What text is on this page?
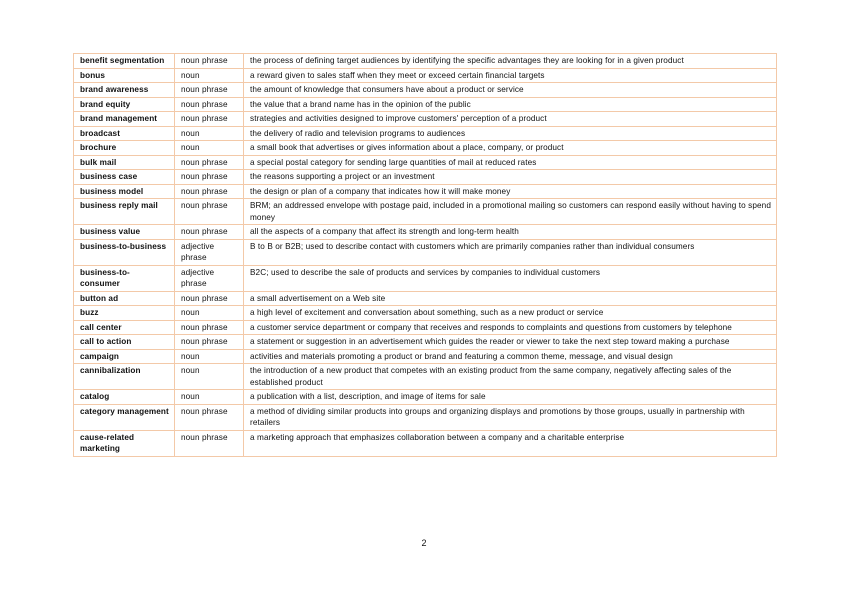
benefit segmentation	noun phrase	the process of defining target audiences by identifying the specific advantages they are looking for in a given product
bonus	noun	a reward given to sales staff when they meet or exceed certain financial targets
brand awareness	noun phrase	the amount of knowledge that consumers have about a product or service
brand equity	noun phrase	the value that a brand name has in the opinion of the public
brand management	noun phrase	strategies and activities designed to improve customers' perception of a product
broadcast	noun	the delivery of radio and television programs to audiences
brochure	noun	a small book that advertises or gives information about a place, company, or product
bulk mail	noun phrase	a special postal category for sending large quantities of mail at reduced rates
business case	noun phrase	the reasons supporting a project or an investment
business model	noun phrase	the design or plan of a company that indicates how it will make money
business reply mail	noun phrase	BRM; an addressed envelope with postage paid, included in a promotional mailing so customers can respond easily without having to spend money
business value	noun phrase	all the aspects of a company that affect its strength and long-term health
business-to-business	adjective phrase	B to B or B2B; used to describe contact with customers which are primarily companies rather than individual consumers
business-to-consumer	adjective phrase	B2C; used to describe the sale of products and services by companies to individual customers
button ad	noun phrase	a small advertisement on a Web site
buzz	noun	a high level of excitement and conversation about something, such as a new product or service
call center	noun phrase	a customer service department or company that receives and responds to complaints and questions from customers by telephone
call to action	noun phrase	a statement or suggestion in an advertisement which guides the reader or viewer to take the next step toward making a purchase
campaign	noun	activities and materials promoting a product or brand and featuring a common theme, message, and visual design
cannibalization	noun	the introduction of a new product that competes with an existing product from the same company, negatively affecting sales of the established product
catalog	noun	a publication with a list, description, and image of items for sale
category management	noun phrase	a method of dividing similar products into groups and organizing displays and promotions by those groups, usually in partnership with retailers
cause-related marketing	noun phrase	a marketing approach that emphasizes collaboration between a company and a charitable enterprise
2
